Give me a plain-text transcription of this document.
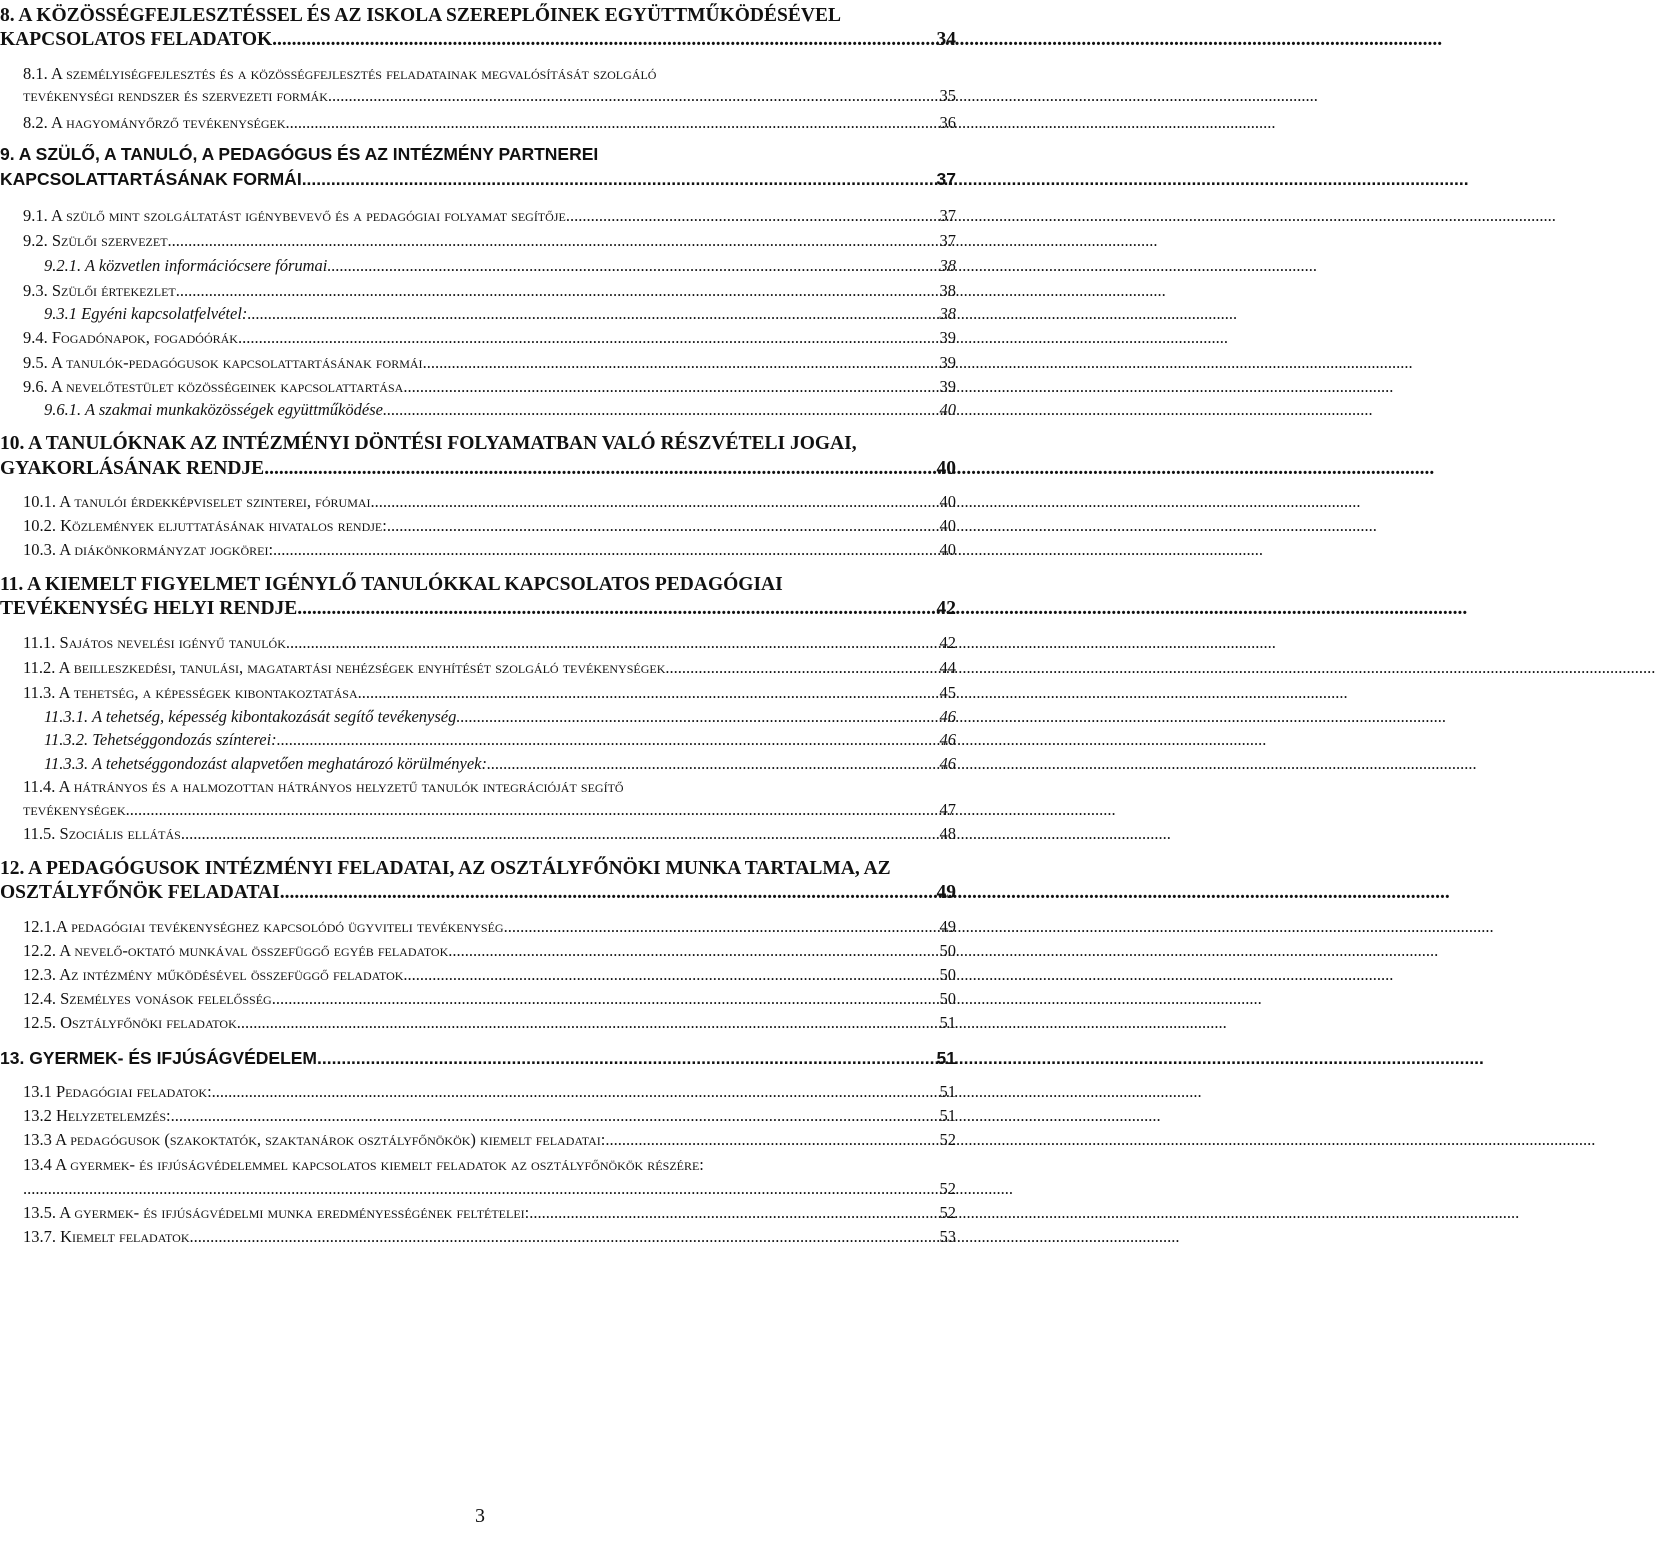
8. A KÖZÖSSÉGFEJLESZTÉSSEL ÉS AZ ISKOLA SZEREPLŐINEK EGYÜTTMŰKÖDÉSÉVEL
KAPCSOLATOS FELADATOK .....	34
8.1. A személyiségfejlesztés és a közösségfejlesztés feladatainak megvalósítását szolgáló
tevékenységi rendszer és szervezeti formák .....	35
8.2. A hagyományőrző tevékenységek .....	36
9. A SZÜLŐ, A TANULÓ, A PEDAGÓGUS ÉS AZ INTÉZMÉNY PARTNEREI
KAPCSOLATTARTÁSÁNAK FORMÁI .....	37
9.1. A szülő mint szolgáltatást igénybevevő és a pedagógiai folyamat segítője .....	37
9.2. Szülői szervezet .....	37
9.2.1. A közvetlen információcsere fórumai .....	38
9.3. Szülői értekezlet .....	38
9.3.1 Egyéni kapcsolatfelvétel: .....	38
9.4. Fogadónapok, fogadóórák .....	39
9.5. A tanulók-pedagógusok kapcsolattartásának formái .....	39
9.6. A nevelőtestület közösségeinek kapcsolattartása .....	39
9.6.1. A szakmai munkaközösségek együttműködése .....	40
10. A TANULÓKNAK AZ INTÉZMÉNYI DÖNTÉSI FOLYAMATBAN VALÓ RÉSZVÉTELI JOGAI,
GYAKORLÁSÁNAK RENDJE .....	40
10.1. A tanulói érdekképviselet szinterei, fórumai .....	40
10.2. Közlemények eljuttatásának hivatalos rendje: .....	40
10.3. A diákönkormányzat jogkörei: .....	40
11. A KIEMELT FIGYELMET IGÉNYLŐ TANULÓKKAL KAPCSOLATOS PEDAGÓGIAI
TEVÉKENYSÉG HELYI RENDJE .....	42
11.1. Sajátos nevelési igényű tanulók .....	42
11.2. A beilleszkedési, tanulási, magatartási nehézségek enyhítését szolgáló tevékenységek .....	44
11.3. A tehetség, a képességek kibontakoztatása .....	45
11.3.1. A tehetség, képesség kibontakozását segítő tevékenység .....	46
11.3.2. Tehetséggondozás színterei: .....	46
11.3.3. A tehetséggondozást alapvetően meghatározó körülmények: .....	46
11.4. A hátrányos és a halmozottan hátrányos helyzetű tanulók integrációját segítő
tevékenységek .....	47
11.5. Szociális ellátás .....	48
12. A PEDAGÓGUSOK INTÉZMÉNYI FELADATAI, AZ OSZTÁLYFŐNÖKI MUNKA TARTALMA, AZ
OSZTÁLYFŐNÖK FELADATAI .....	49
12.1.A pedagógiai tevékenységhez kapcsolódó ügyviteli tevékenység .....	49
12.2. A nevelő-oktató munkával összefüggő egyéb feladatok .....	50
12.3. Az intézmény működésével összefüggő feladatok .....	50
12.4. Személyes vonások felelősség .....	50
12.5. Osztályfőnöki feladatok .....	51
13. GYERMEK- ÉS IFJÚSÁGVÉDELEM .....	51
13.1 Pedagógiai feladatok: .....	51
13.2 Helyzetelemzés: .....	51
13.3 A pedagógusok (szakoktatók, szaktanárok osztályfőnökök) kiemelt feladatai: .....	52
13.4 A gyermek- és ifjúságvédelemmel kapcsolatos kiemelt feladatok az osztályfőnökök részére:
.....
52
13.5. A gyermek- és ifjúságvédelmi munka eredményességének feltételei: .....	52
13.7. Kiemelt feladatok .....	53
3
